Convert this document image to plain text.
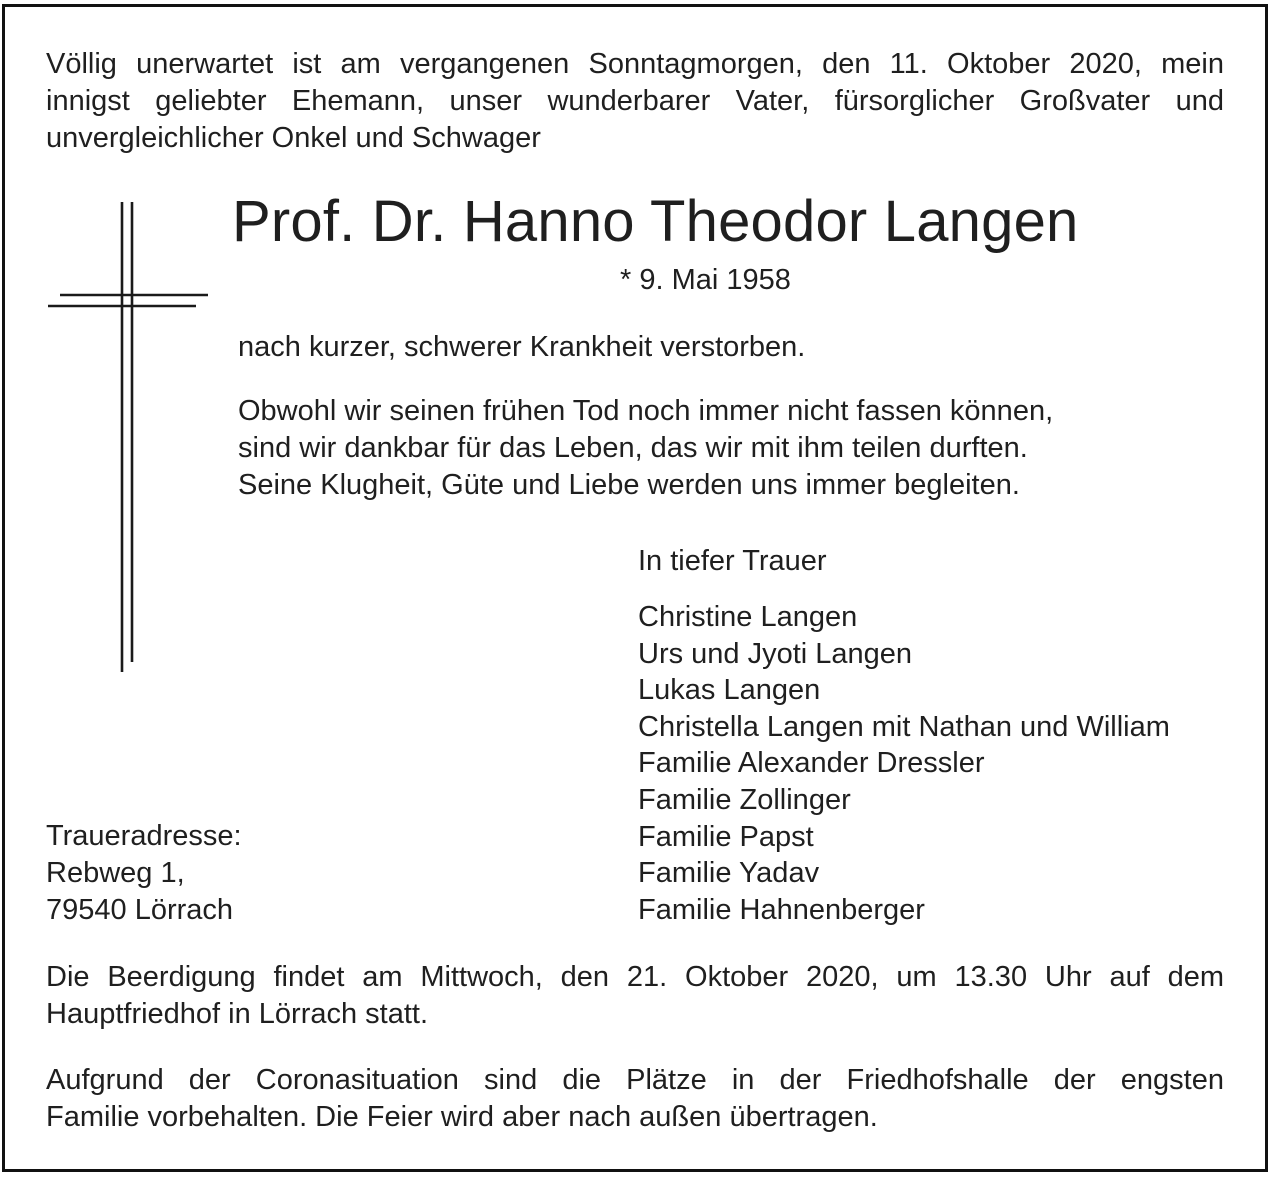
Völlig unerwartet ist am vergangenen Sonntagmorgen, den 11. Oktober 2020, mein
innigst geliebter Ehemann, unser wunderbarer Vater, fürsorglicher Großvater und
unvergleichlicher Onkel und Schwager
Prof. Dr. Hanno Theodor Langen
* 9. Mai 1958
nach kurzer, schwerer Krankheit verstorben.
Obwohl wir seinen frühen Tod noch immer nicht fassen können,
sind wir dankbar für das Leben, das wir mit ihm teilen durften.
Seine Klugheit, Güte und Liebe werden uns immer begleiten.
In tiefer Trauer
Christine Langen
Urs und Jyoti Langen
Lukas Langen
Christella Langen mit Nathan und William
Familie Alexander Dressler
Familie Zollinger
Familie Papst
Familie Yadav
Familie Hahnenberger
Traueradresse:
Rebweg 1,
79540 Lörrach
Die Beerdigung findet am Mittwoch, den 21. Oktober 2020, um 13.30 Uhr auf dem
Hauptfriedhof in Lörrach statt.
Aufgrund der Coronasituation sind die Plätze in der Friedhofshalle der engsten
Familie vorbehalten. Die Feier wird aber nach außen übertragen.
